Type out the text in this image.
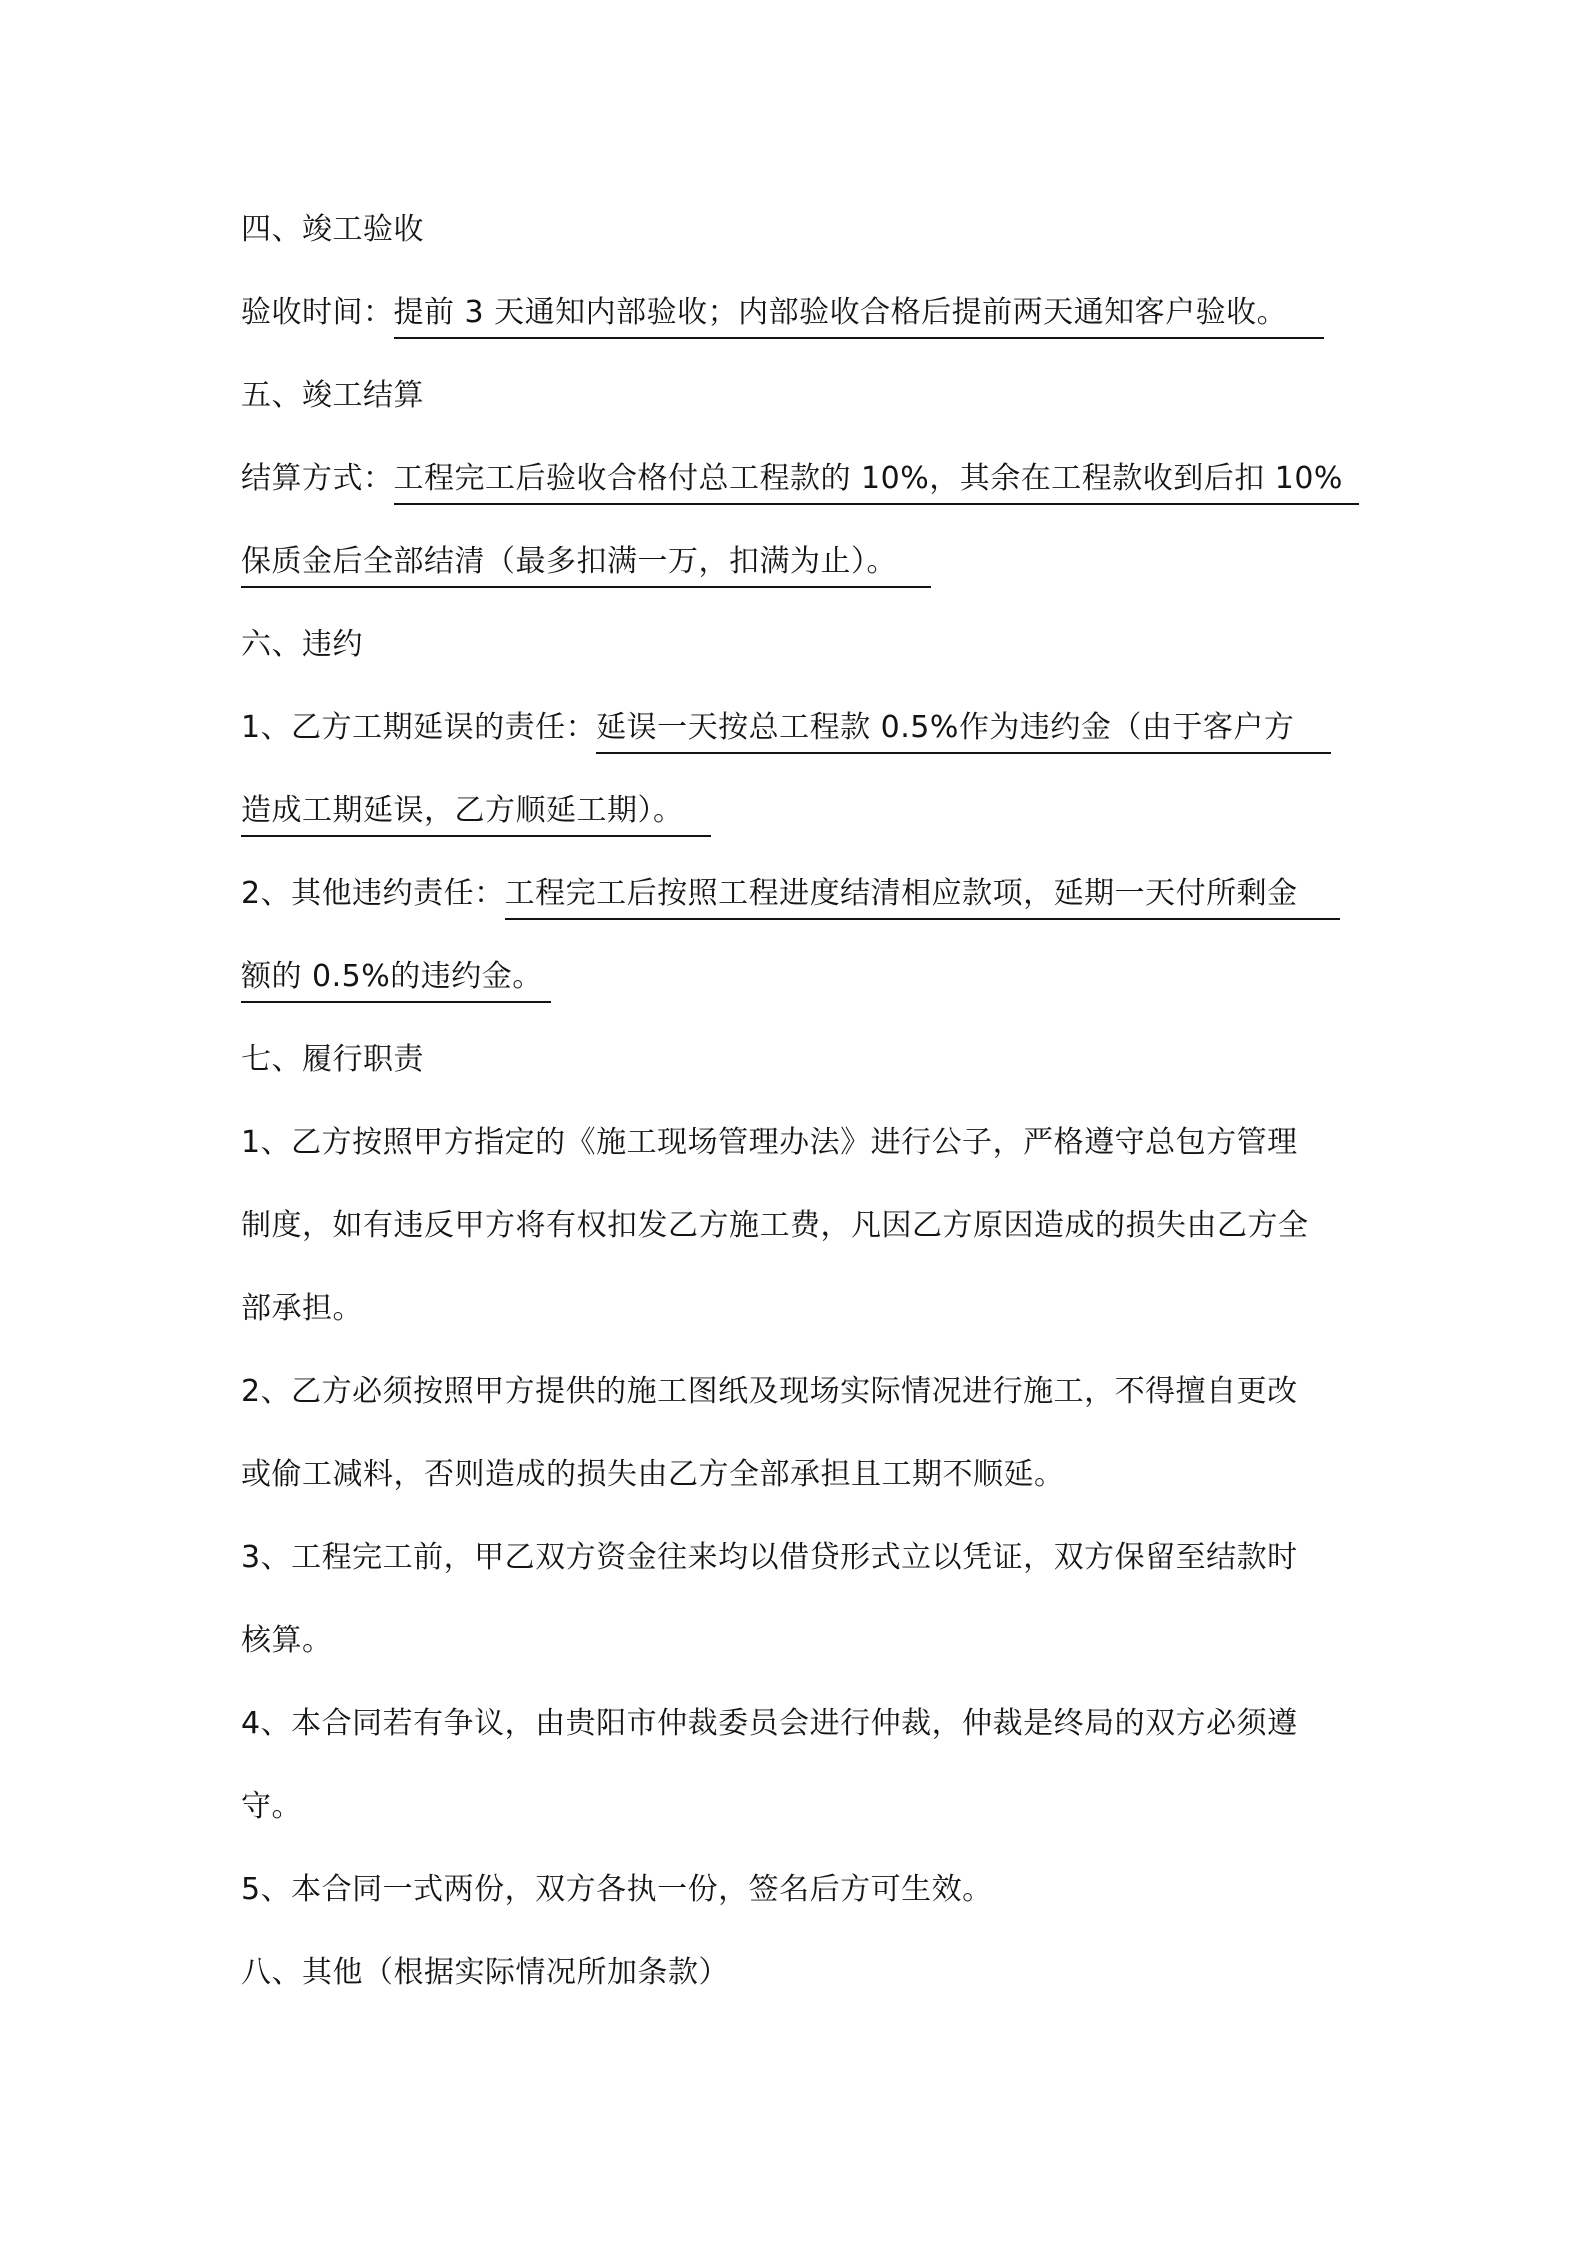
四、竣工验收
验收时间：提前 3 天通知内部验收；内部验收合格后提前两天通知客户验收。
五、竣工结算
结算方式：工程完工后验收合格付总工程款的 10%，其余在工程款收到后扣 10%
保质金后全部结清（最多扣满一万，扣满为止）。
六、违约
1、乙方工期延误的责任：延误一天按总工程款 0.5%作为违约金（由于客户方
造成工期延误，乙方顺延工期）。
2、其他违约责任：工程完工后按照工程进度结清相应款项，延期一天付所剩金
额的 0.5%的违约金。
七、履行职责
1、乙方按照甲方指定的《施工现场管理办法》进行公子，严格遵守总包方管理
制度，如有违反甲方将有权扣发乙方施工费，凡因乙方原因造成的损失由乙方全
部承担。
2、乙方必须按照甲方提供的施工图纸及现场实际情况进行施工，不得擅自更改
或偷工减料，否则造成的损失由乙方全部承担且工期不顺延。
3、工程完工前，甲乙双方资金往来均以借贷形式立以凭证，双方保留至结款时
核算。
4、本合同若有争议，由贵阳市仲裁委员会进行仲裁，仲裁是终局的双方必须遵
守。
5、本合同一式两份，双方各执一份，签名后方可生效。
八、其他（根据实际情况所加条款）
